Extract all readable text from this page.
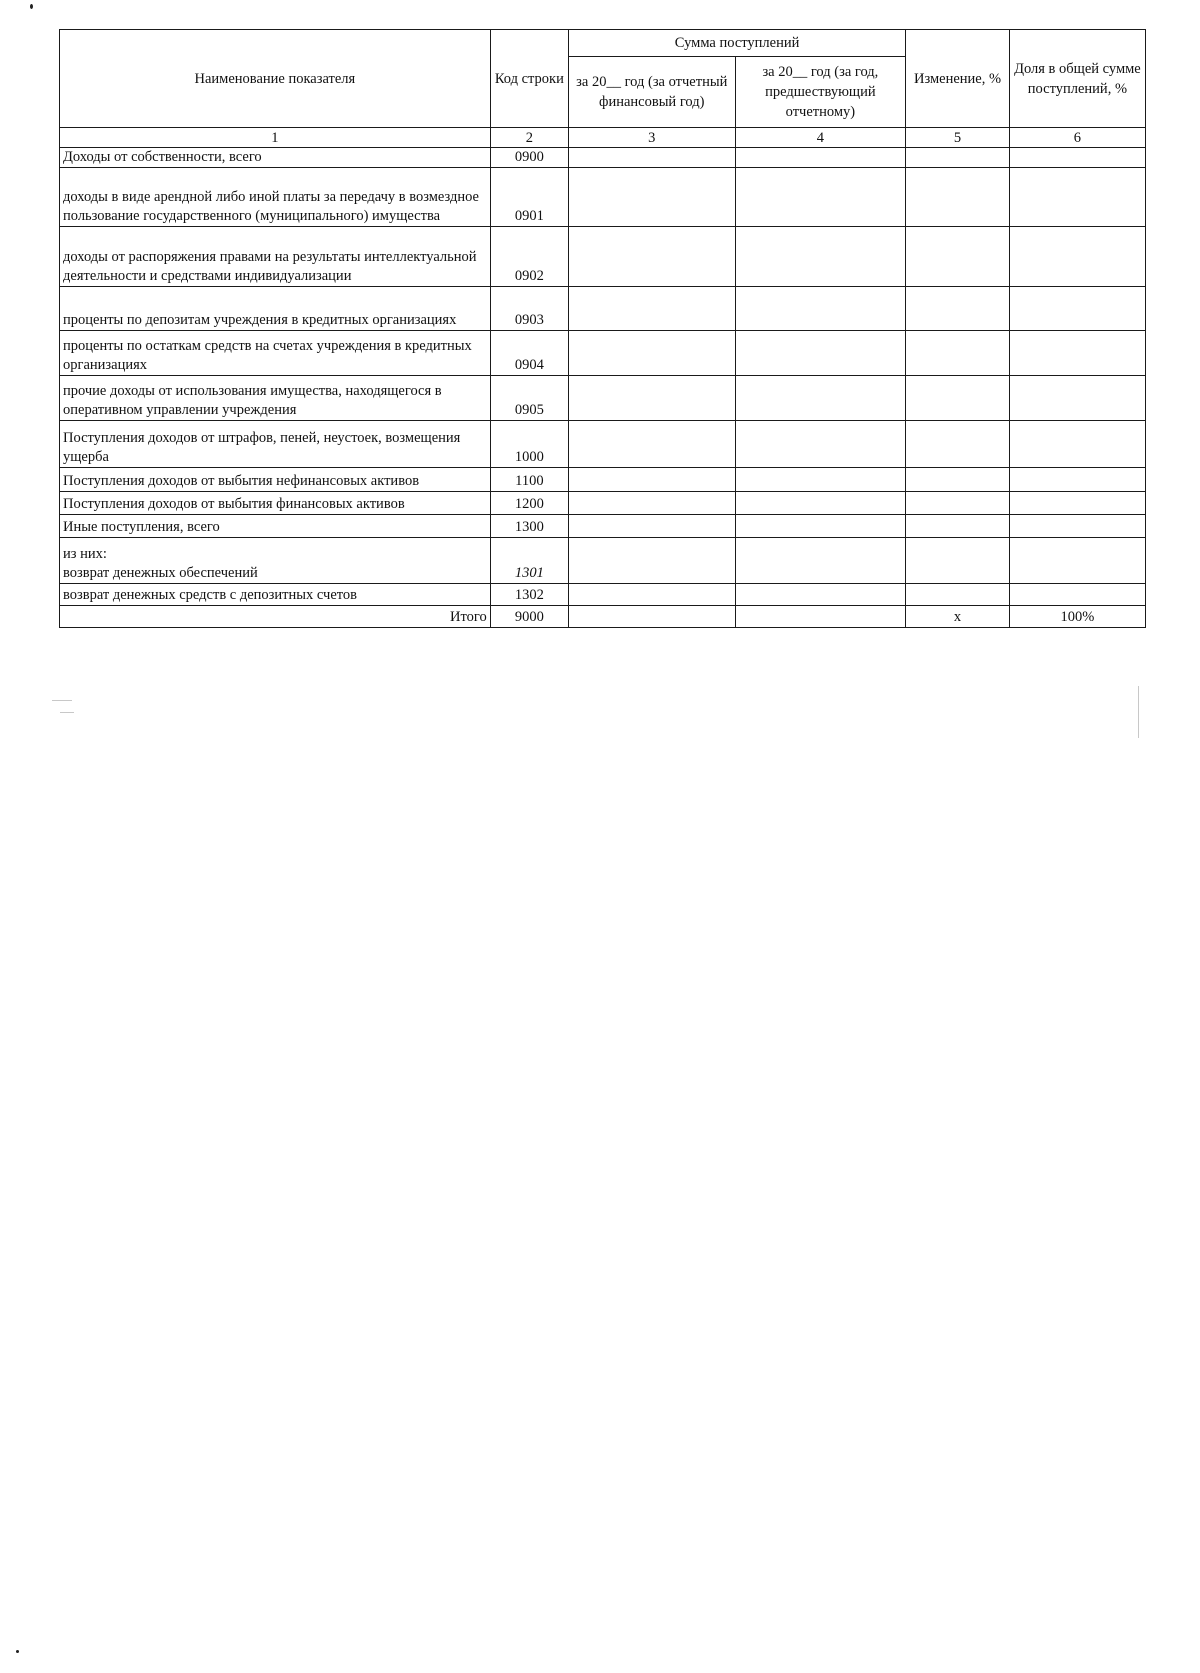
Наименование показателя	Код строки	Сумма поступлений		Изменение, %	Доля в общей сумме поступлений, %
		за 20__ год (за отчетный финансовый год)	за 20__ год (за год, предшествующий отчетному)		
1	2	3	4	5	6
Доходы от собственности, всего	0900				
доходы в виде арендной либо иной платы за передачу в возмездное пользование государственного (муниципального) имущества	0901				
доходы от распоряжения правами на результаты интеллектуальной деятельности и средствами индивидуализации	0902				
проценты по депозитам учреждения в кредитных организациях	0903				
проценты по остаткам средств на счетах учреждения в кредитных организациях	0904				
прочие доходы от использования имущества, находящегося в оперативном управлении учреждения	0905				
Поступления доходов от штрафов, пеней, неустоек, возмещения ущерба	1000				
Поступления доходов от выбытия нефинансовых активов	1100				
Поступления доходов от выбытия финансовых активов	1200				
Иные поступления, всего	1300				
из них:
возврат денежных обеспечений	1301				
возврат денежных средств с депозитных счетов	1302				
Итого	9000			x	100%
